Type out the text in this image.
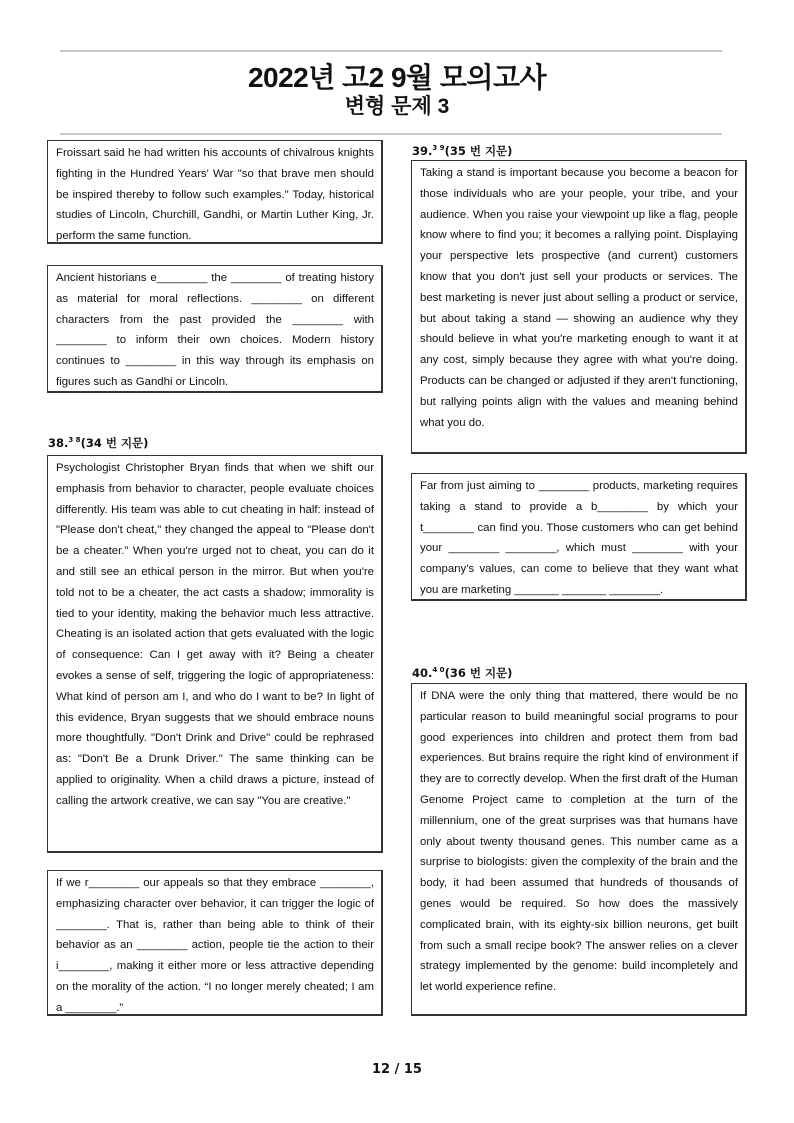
2022년 고2 9월 모의고사
변형 문제 3
Froissart said he had written his accounts of chivalrous knights fighting in the Hundred Years' War "so that brave men should be inspired thereby to follow such examples." Today, historical studies of Lincoln, Churchill, Gandhi, or Martin Luther King, Jr. perform the same function.
Ancient historians e________ the ________ of treating history as material for moral reflections. ________ on different characters from the past provided the ________ with ________ to inform their own choices. Modern history continues to ________ in this way through its emphasis on figures such as Gandhi or Lincoln.
38.$^{3 8}$(34 번 지문)
Psychologist Christopher Bryan finds that when we shift our emphasis from behavior to character, people evaluate choices differently. His team was able to cut cheating in half: instead of "Please don't cheat," they changed the appeal to "Please don't be a cheater." When you're urged not to cheat, you can do it and still see an ethical person in the mirror. But when you're told not to be a cheater, the act casts a shadow; immorality is tied to your identity, making the behavior much less attractive. Cheating is an isolated action that gets evaluated with the logic of consequence: Can I get away with it? Being a cheater evokes a sense of self, triggering the logic of appropriateness: What kind of person am I, and who do I want to be? In light of this evidence, Bryan suggests that we should embrace nouns more thoughtfully. "Don't Drink and Drive" could be rephrased as: "Don't Be a Drunk Driver." The same thinking can be applied to originality. When a child draws a picture, instead of calling the artwork creative, we can say "You are creative."
If we r________ our appeals so that they embrace ________, emphasizing character over behavior, it can trigger the logic of ________. That is, rather than being able to think of their behavior as an ________ action, people tie the action to their i________, making it either more or less attractive depending on the morality of the action. “I no longer merely cheated; I am a ________.”
39.$^{3 9}$(35 번 지문)
Taking a stand is important because you become a beacon for those individuals who are your people, your tribe, and your audience. When you raise your viewpoint up like a flag, people know where to find you; it becomes a rallying point. Displaying your perspective lets prospective (and current) customers know that you don't just sell your products or services. The best marketing is never just about selling a product or service, but about taking a stand — showing an audience why they should believe in what you're marketing enough to want it at any cost, simply because they agree with what you're doing. Products can be changed or adjusted if they aren't functioning, but rallying points align with the values and meaning behind what you do.
Far from just aiming to ________ products, marketing requires taking a stand to provide a b________ by which your t________ can find you. Those customers who can get behind your ________ ________, which must ________ with your company’s values, can come to believe that they want what you are marketing _______ _______ ________.
40.$^{4 0}$(36 번 지문)
If DNA were the only thing that mattered, there would be no particular reason to build meaningful social programs to pour good experiences into children and protect them from bad experiences. But brains require the right kind of environment if they are to correctly develop. When the first draft of the Human Genome Project came to completion at the turn of the millennium, one of the great surprises was that humans have only about twenty thousand genes. This number came as a surprise to biologists: given the complexity of the brain and the body, it had been assumed that hundreds of thousands of genes would be required. So how does the massively complicated brain, with its eighty-six billion neurons, get built from such a small recipe book? The answer relies on a clever strategy implemented by the genome: build incompletely and let world experience refine.
12 / 15
